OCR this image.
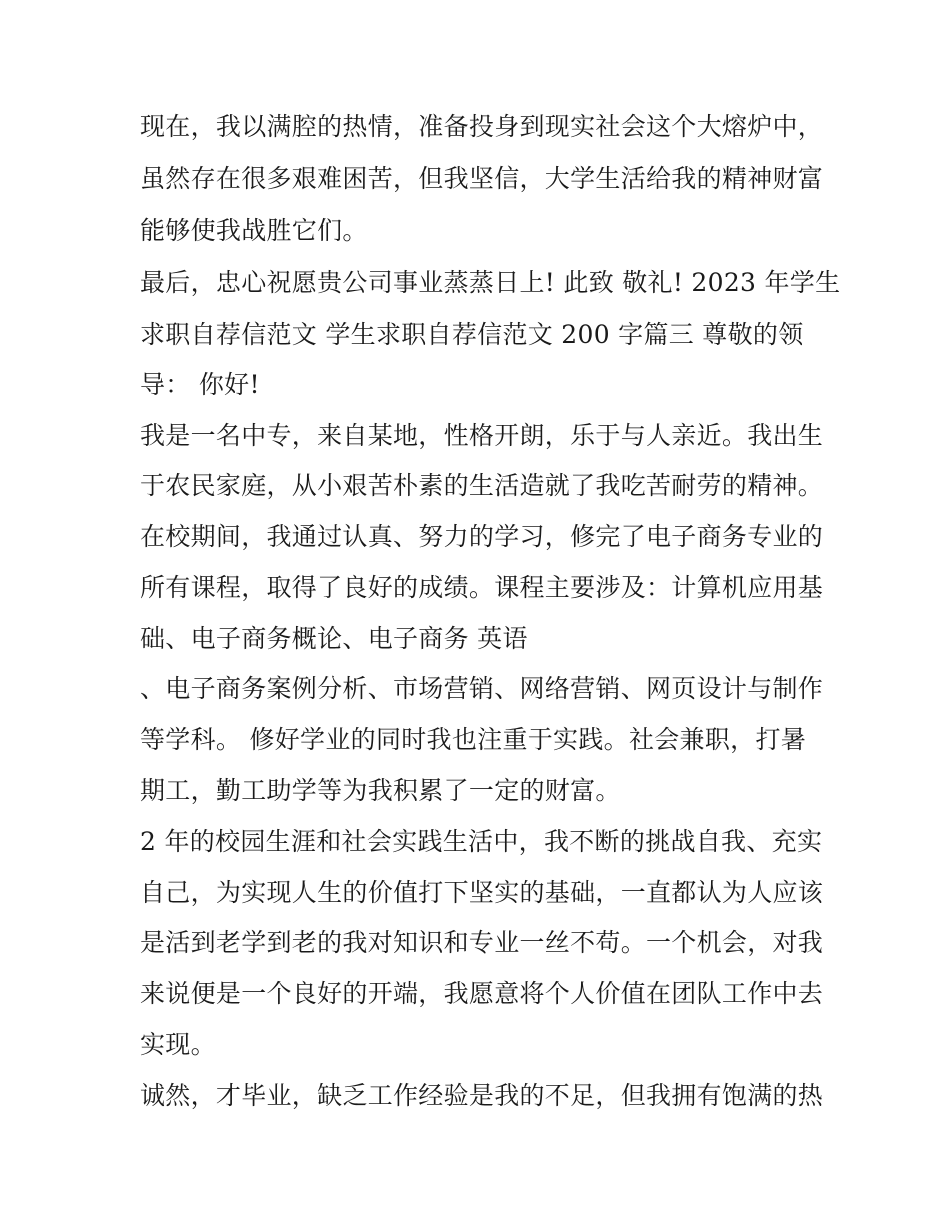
现在，我以满腔的热情，准备投身到现实社会这个大熔炉中，
虽然存在很多艰难困苦，但我坚信，大学生活给我的精神财富
能够使我战胜它们。
最后，忠心祝愿贵公司事业蒸蒸日上! 此致 敬礼! 2023 年学生
求职自荐信范文 学生求职自荐信范文 200 字篇三 尊敬的领
导： 你好!
我是一名中专，来自某地，性格开朗，乐于与人亲近。我出生
于农民家庭，从小艰苦朴素的生活造就了我吃苦耐劳的精神。
在校期间，我通过认真、努力的学习，修完了电子商务专业的
所有课程，取得了良好的成绩。课程主要涉及：计算机应用基
础、电子商务概论、电子商务 英语
、电子商务案例分析、市场营销、网络营销、网页设计与制作
等学科。 修好学业的同时我也注重于实践。社会兼职，打暑
期工，勤工助学等为我积累了一定的财富。
2 年的校园生涯和社会实践生活中，我不断的挑战自我、充实
自己，为实现人生的价值打下坚实的基础，一直都认为人应该
是活到老学到老的我对知识和专业一丝不苟。一个机会，对我
来说便是一个良好的开端，我愿意将个人价值在团队工作中去
实现。
诚然，才毕业，缺乏工作经验是我的不足，但我拥有饱满的热
